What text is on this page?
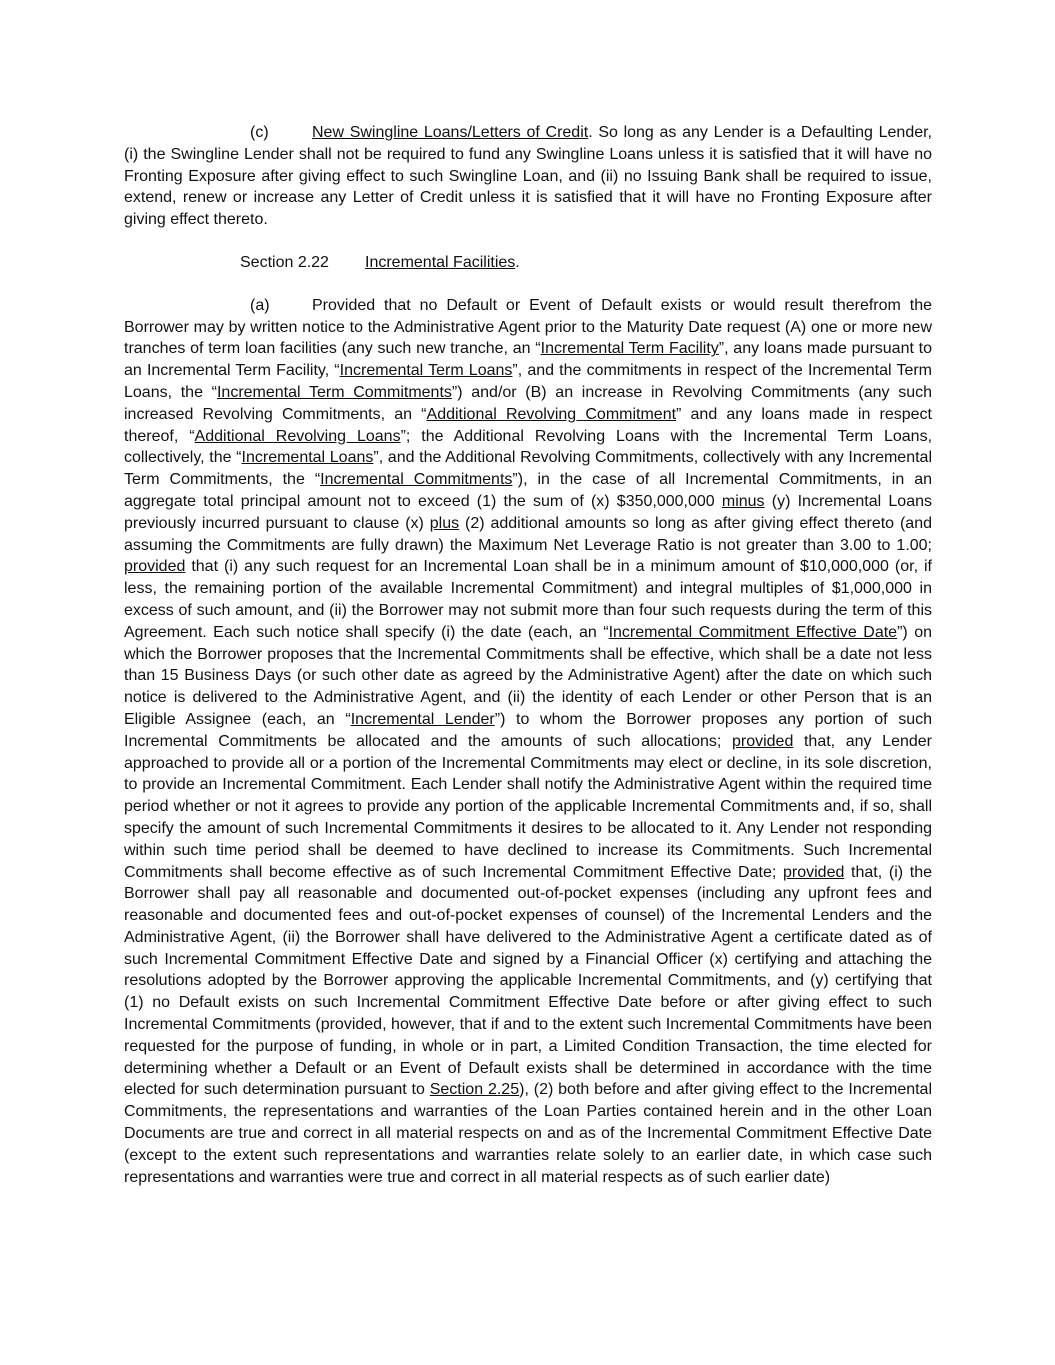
(c)	New Swingline Loans/Letters of Credit. So long as any Lender is a Defaulting Lender, (i) the Swingline Lender shall not be required to fund any Swingline Loans unless it is satisfied that it will have no Fronting Exposure after giving effect to such Swingline Loan, and (ii) no Issuing Bank shall be required to issue, extend, renew or increase any Letter of Credit unless it is satisfied that it will have no Fronting Exposure after giving effect thereto.

Section 2.22 Incremental Facilities.

(a)	Provided that no Default or Event of Default exists or would result therefrom the Borrower may by written notice to the Administrative Agent prior to the Maturity Date request (A) one or more new tranches of term loan facilities (any such new tranche, an “Incremental Term Facility”, any loans made pursuant to an Incremental Term Facility, “Incremental Term Loans”, and the commitments in respect of the Incremental Term Loans, the “Incremental Term Commitments”) and/or (B) an increase in Revolving Commitments (any such increased Revolving Commitments, an “Additional Revolving Commitment” and any loans made in respect thereof, “Additional Revolving Loans”; the Additional Revolving Loans with the Incremental Term Loans, collectively, the “Incremental Loans”, and the Additional Revolving Commitments, collectively with any Incremental Term Commitments, the “Incremental Commitments”), in the case of all Incremental Commitments, in an aggregate total principal amount not to exceed (1) the sum of (x) $350,000,000 minus (y) Incremental Loans previously incurred pursuant to clause (x) plus (2) additional amounts so long as after giving effect thereto (and assuming the Commitments are fully drawn) the Maximum Net Leverage Ratio is not greater than 3.00 to 1.00; provided that (i) any such request for an Incremental Loan shall be in a minimum amount of $10,000,000 (or, if less, the remaining portion of the available Incremental Commitment) and integral multiples of $1,000,000 in excess of such amount, and (ii) the Borrower may not submit more than four such requests during the term of this Agreement. Each such notice shall specify (i) the date (each, an “Incremental Commitment Effective Date”) on which the Borrower proposes that the Incremental Commitments shall be effective, which shall be a date not less than 15 Business Days (or such other date as agreed by the Administrative Agent) after the date on which such notice is delivered to the Administrative Agent, and (ii) the identity of each Lender or other Person that is an Eligible Assignee (each, an “Incremental Lender”) to whom the Borrower proposes any portion of such Incremental Commitments be allocated and the amounts of such allocations; provided that, any Lender approached to provide all or a portion of the Incremental Commitments may elect or decline, in its sole discretion, to provide an Incremental Commitment. Each Lender shall notify the Administrative Agent within the required time period whether or not it agrees to provide any portion of the applicable Incremental Commitments and, if so, shall specify the amount of such Incremental Commitments it desires to be allocated to it. Any Lender not responding within such time period shall be deemed to have declined to increase its Commitments. Such Incremental Commitments shall become effective as of such Incremental Commitment Effective Date; provided that, (i) the Borrower shall pay all reasonable and documented out-of-pocket expenses (including any upfront fees and reasonable and documented fees and out-of-pocket expenses of counsel) of the Incremental Lenders and the Administrative Agent, (ii) the Borrower shall have delivered to the Administrative Agent a certificate dated as of such Incremental Commitment Effective Date and signed by a Financial Officer (x) certifying and attaching the resolutions adopted by the Borrower approving the applicable Incremental Commitments, and (y) certifying that (1) no Default exists on such Incremental Commitment Effective Date before or after giving effect to such Incremental Commitments (provided, however, that if and to the extent such Incremental Commitments have been requested for the purpose of funding, in whole or in part, a Limited Condition Transaction, the time elected for determining whether a Default or an Event of Default exists shall be determined in accordance with the time elected for such determination pursuant to Section 2.25), (2) both before and after giving effect to the Incremental Commitments, the representations and warranties of the Loan Parties contained herein and in the other Loan Documents are true and correct in all material respects on and as of the Incremental Commitment Effective Date (except to the extent such representations and warranties relate solely to an earlier date, in which case such representations and warranties were true and correct in all material respects as of such earlier date)
